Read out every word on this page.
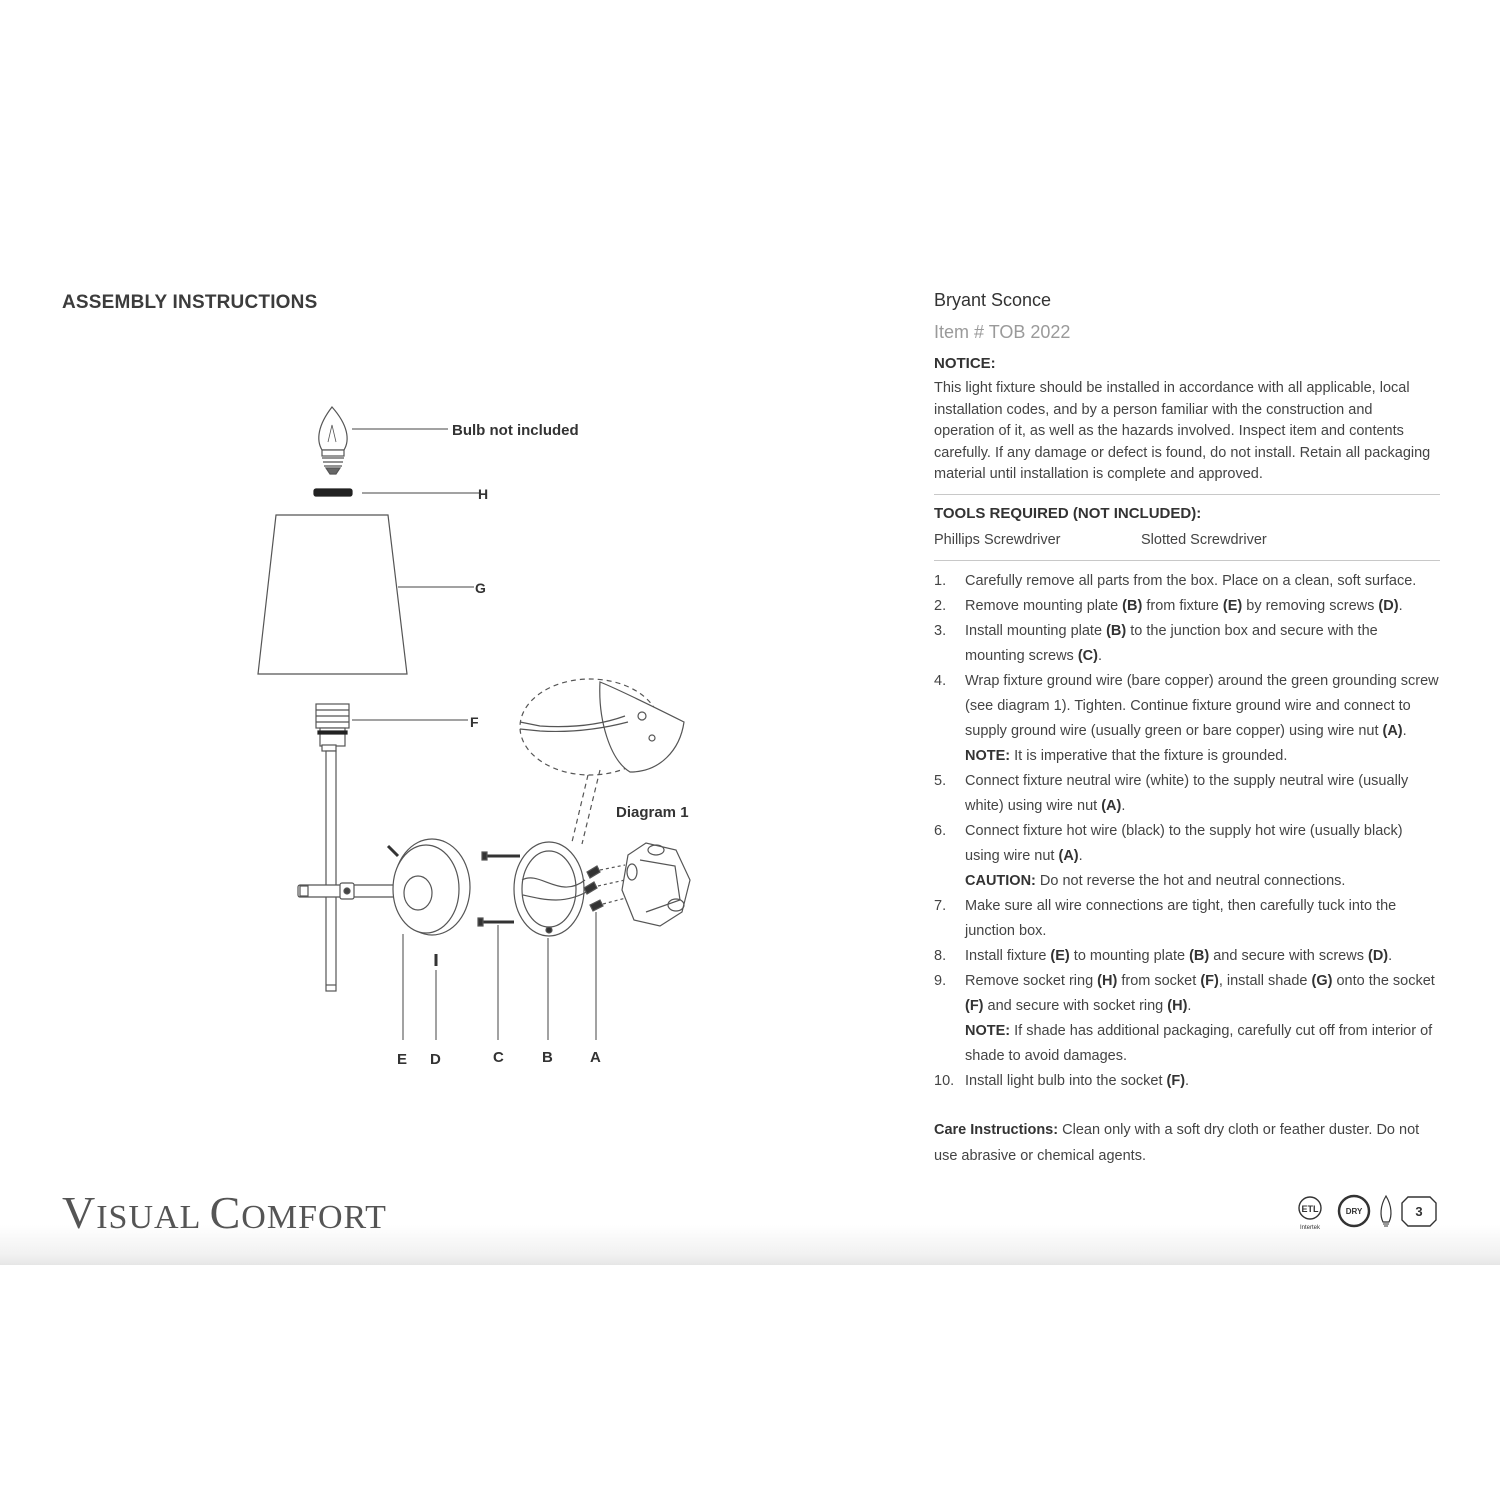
ASSEMBLY INSTRUCTIONS
Bulb not included
H
G
F
Diagram 1
E D	C	B A
Bryant Sconce
Item # TOB 2022
NOTICE:
This light fixture should be installed in accordance with all applicable, local installation codes, and by a person familiar with the construction and operation of it, as well as the hazards involved. Inspect item and contents carefully. If any damage or defect is found, do not install. Retain all packaging material until installation is complete and approved.
TOOLS REQUIRED (NOT INCLUDED):
Phillips Screwdriver	Slotted Screwdriver
1.	Carefully remove all parts from the box. Place on a clean, soft surface.
2.	Remove mounting plate (B) from fixture (E) by removing screws (D).
3.	Install mounting plate (B) to the junction box and secure with the mounting screws (C).
4.	Wrap fixture ground wire (bare copper) around the green grounding screw (see diagram 1). Tighten. Continue fixture ground wire and connect to supply ground wire (usually green or bare copper) using wire nut (A).
NOTE: It is imperative that the fixture is grounded.
5.	Connect fixture neutral wire (white) to the supply neutral wire (usually white) using wire nut (A).
6.	Connect fixture hot wire (black) to the supply hot wire (usually black) using wire nut (A).
CAUTION: Do not reverse the hot and neutral connections.
7.	Make sure all wire connections are tight, then carefully tuck into the junction box.
8.	Install fixture (E) to mounting plate (B) and secure with screws (D).
9.	Remove socket ring (H) from socket (F), install shade (G) onto the socket (F) and secure with socket ring (H).
NOTE: If shade has additional packaging, carefully cut off from interior of shade to avoid damages.
10. Install light bulb into the socket (F).
Care Instructions: Clean only with a soft dry cloth or feather duster. Do not use abrasive or chemical agents.
VISUAL COMFORT	ETL
Intertek
DRY	3
